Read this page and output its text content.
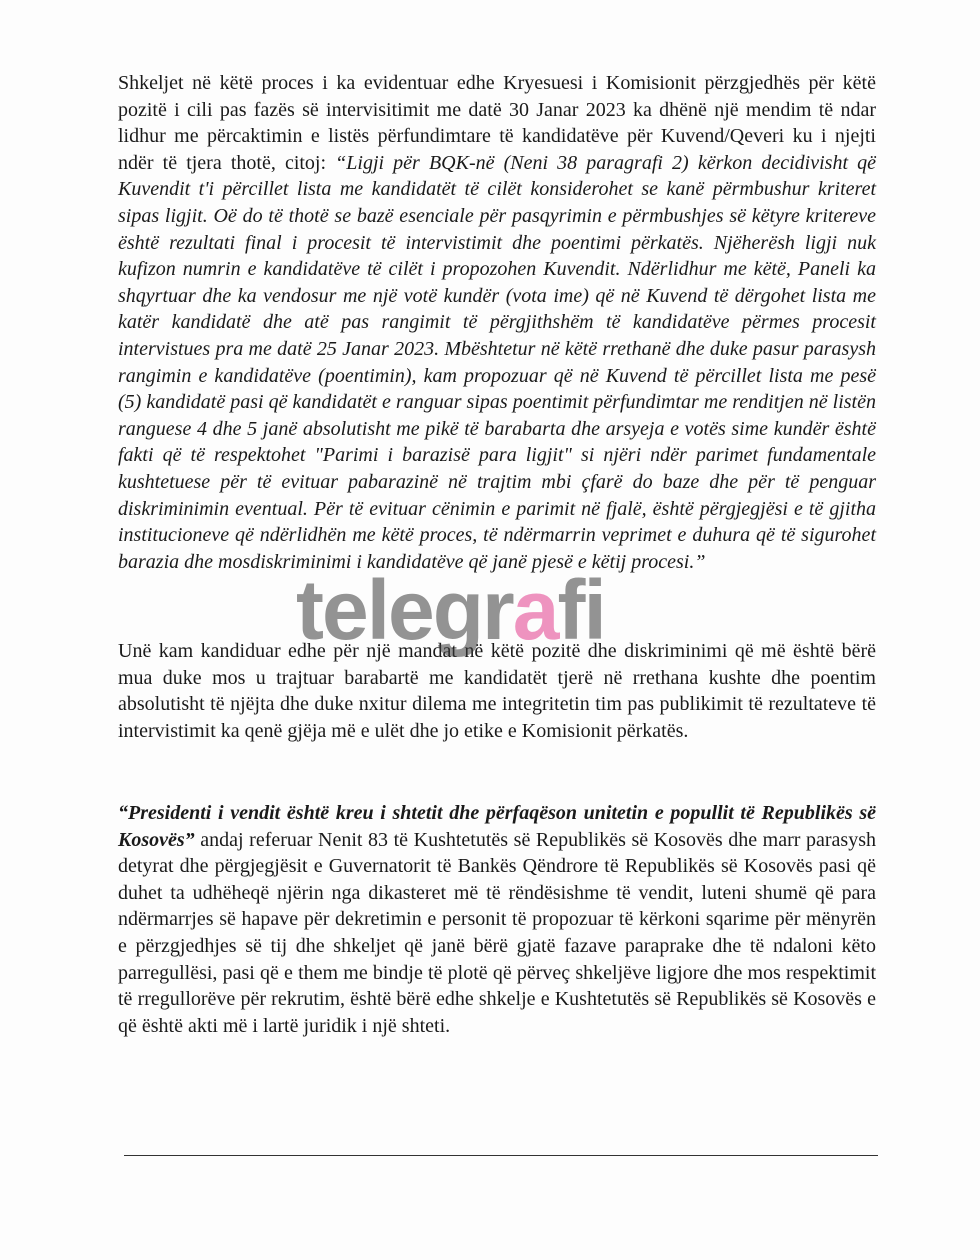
Shkeljet në këtë proces i ka evidentuar edhe Kryesuesi i Komisionit përzgjedhës për këtë pozitë i cili pas fazës së intervisitimit me datë 30 Janar 2023 ka dhënë një mendim të ndar lidhur me përcaktimin e listës përfundimtare të kandidatëve për Kuvend/Qeveri ku i njejti ndër të tjera thotë, citoj: “Ligji për BQK-në (Neni 38 paragrafi 2) kërkon decidivisht që Kuvendit t'i përcillet lista me kandidatët të cilët konsiderohet se kanë përmbushur kriteret sipas ligjit. Oë do të thotë se bazë esenciale për pasqyrimin e përmbushjes së këtyre kritereve është rezultati final i procesit të intervistimit dhe poentimi përkatës. Njëherësh ligji nuk kufizon numrin e kandidatëve të cilët i propozohen Kuvendit. Ndërlidhur me këtë, Paneli ka shqyrtuar dhe ka vendosur me një votë kundër (vota ime) që në Kuvend të dërgohet lista me katër kandidatë dhe atë pas rangimit të përgjithshëm të kandidatëve përmes procesit intervistues pra me datë 25 Janar 2023. Mbështetur në këtë rrethanë dhe duke pasur parasysh rangimin e kandidatëve (poentimin), kam propozuar që në Kuvend të përcillet lista me pesë (5) kandidatë pasi që kandidatët e ranguar sipas poentimit përfundimtar me renditjen në listën ranguese 4 dhe 5 janë absolutisht me pikë të barabarta dhe arsyeja e votës sime kundër është fakti që të respektohet "Parimi i barazisë para ligjit" si njëri ndër parimet fundamentale kushtetuese për të evituar pabarazinë në trajtim mbi çfarë do baze dhe për të penguar diskriminimin eventual. Për të evituar cënimin e parimit në fjalë, është përgjegjësi e të gjitha institucioneve që ndërlidhën me këtë proces, të ndërmarrin veprimet e duhura që të sigurohet barazia dhe mosdiskriminimi i kandidatëve që janë pjesë e këtij procesi.”

Unë kam kandiduar edhe për një mandat në këtë pozitë dhe diskriminimi që më është bërë mua duke mos u trajtuar barabartë me kandidatët tjerë në rrethana kushte dhe poentim absolutisht të njëjta dhe duke nxitur dilema me integritetin tim pas publikimit të rezultateve të intervistimit ka qenë gjëja më e ulët dhe jo etike e Komisionit përkatës.

“Presidenti i vendit është kreu i shtetit dhe përfaqëson unitetin e popullit të Republikës së Kosovës” andaj referuar Nenit 83 të Kushtetutës së Republikës së Kosovës dhe marr parasysh detyrat dhe përgjegjësit e Guvernatorit të Bankës Qëndrore të Republikës së Kosovës pasi që duhet ta udhëheqë njërin nga dikasteret më të rëndësishme të vendit, luteni shumë që para ndërmarrjes së hapave për dekretimin e personit të propozuar të kërkoni sqarime për mënyrën e përzgjedhjes së tij dhe shkeljet që janë bërë gjatë fazave paraprake dhe të ndaloni këto parregullësi, pasi që e them me bindje të plotë që përveç shkeljëve ligjore dhe mos respektimit të rregullorëve për rekrutim, është bërë edhe shkelje e Kushtetutës së Republikës së Kosovës e që është akti më i lartë juridik i një shteti.

telegrafi
